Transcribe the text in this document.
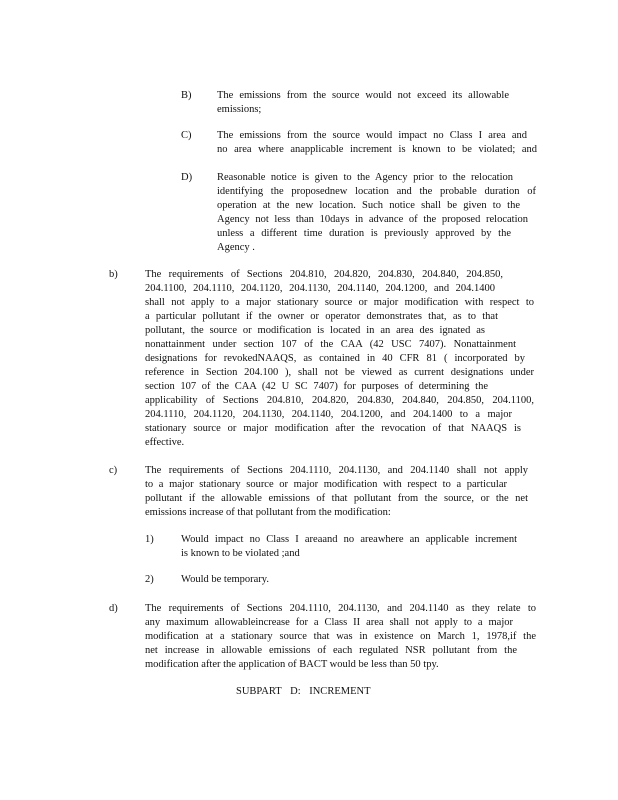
B) The emissions from the source would not exceed its allowable
emissions;
C) The emissions from the source would impact no Class I area and
no area where anapplicable increment is known to be violated; and
D) Reasonable notice is given to the Agency prior to the relocation
identifying the proposednew location and the probable duration of
operation at the new location. Such notice shall be given to the
Agency not less than 10days in advance of the proposed relocation
unless a different time duration is previously approved by the
Agency .
b)	The requirements of Sections 204.810, 204.820, 204.830, 204.840, 204.850,
204.1100, 204.1110, 204.1120, 204.1130, 204.1140, 204.1200, and 204.1400
shall not apply to a major stationary source or major modification with respect to
a particular pollutant if the owner or operator demonstrates that, as to that
pollutant, the source or modification is located in an area des ignated as
nonattainment under section 107 of the CAA (42 USC 7407). Nonattainment
designations for revokedNAAQS, as contained in 40 CFR 81 ( incorporated by
reference in Section 204.100 ), shall not be viewed as current designations under
section 107 of the CAA (42 U SC 7407) for purposes of determining the
applicability of Sections 204.810, 204.820, 204.830, 204.840, 204.850, 204.1100,
204.1110, 204.1120, 204.1130, 204.1140, 204.1200, and 204.1400 to a major
stationary source or major modification after the revocation of that NAAQS is
effective.
c)	The requirements of Sections 204.1110, 204.1130, and 204.1140 shall not apply
to a major stationary source or major modification with respect to a particular
pollutant if the allowable emissions of that pollutant from the source, or the net
emissions increase of that pollutant from the modification:
1)	Would impact no Class I areaand no areawhere an applicable increment
is known to be violated ;and
2)	Would be temporary.
d)	The requirements of Sections 204.1110, 204.1130, and 204.1140 as they relate to
any maximum allowableincrease for a Class II area shall not apply to a major
modification at a stationary source that was in existence on March 1, 1978,if the
net increase in allowable emissions of each regulated NSR pollutant from the
modification after the application of BACT would be less than 50 tpy.
SUBPART D: INCREMENT
